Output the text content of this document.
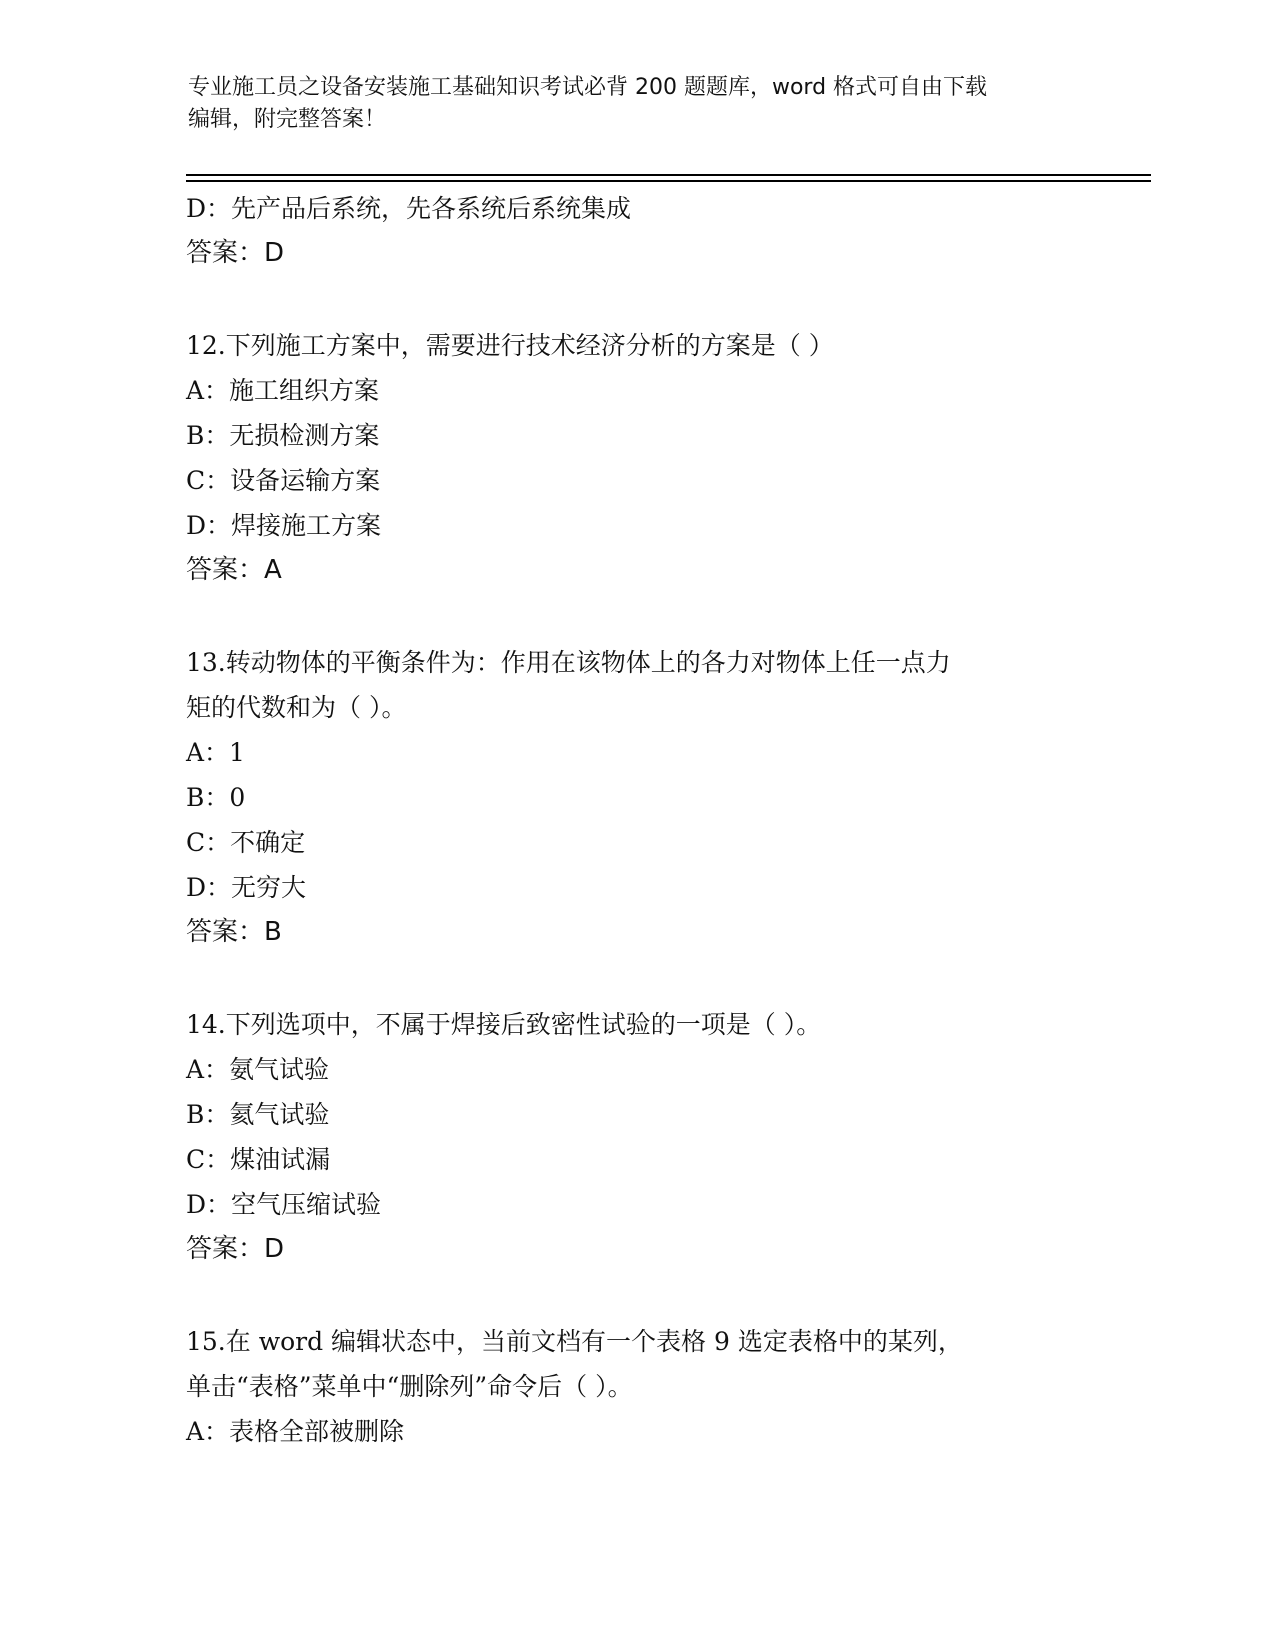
专业施工员之设备安装施工基础知识考试必背 200 题题库，word 格式可自由下载
编辑，附完整答案！
D：先产品后系统，先各系统后系统集成
答案：D
12.下列施工方案中，需要进行技术经济分析的方案是（ ）
A：施工组织方案
B：无损检测方案
C：设备运输方案
D：焊接施工方案
答案：A
13.转动物体的平衡条件为：作用在该物体上的各力对物体上任一点力
矩的代数和为（ ）。
A：1
B：0
C：不确定
D：无穷大
答案：B
14.下列选项中，不属于焊接后致密性试验的一项是（ ）。
A：氨气试验
B：氦气试验
C：煤油试漏
D：空气压缩试验
答案：D
15.在 word 编辑状态中，当前文档有一个表格 9 选定表格中的某列，
单击“表格”菜单中“删除列”命令后（ ）。
A：表格全部被删除
